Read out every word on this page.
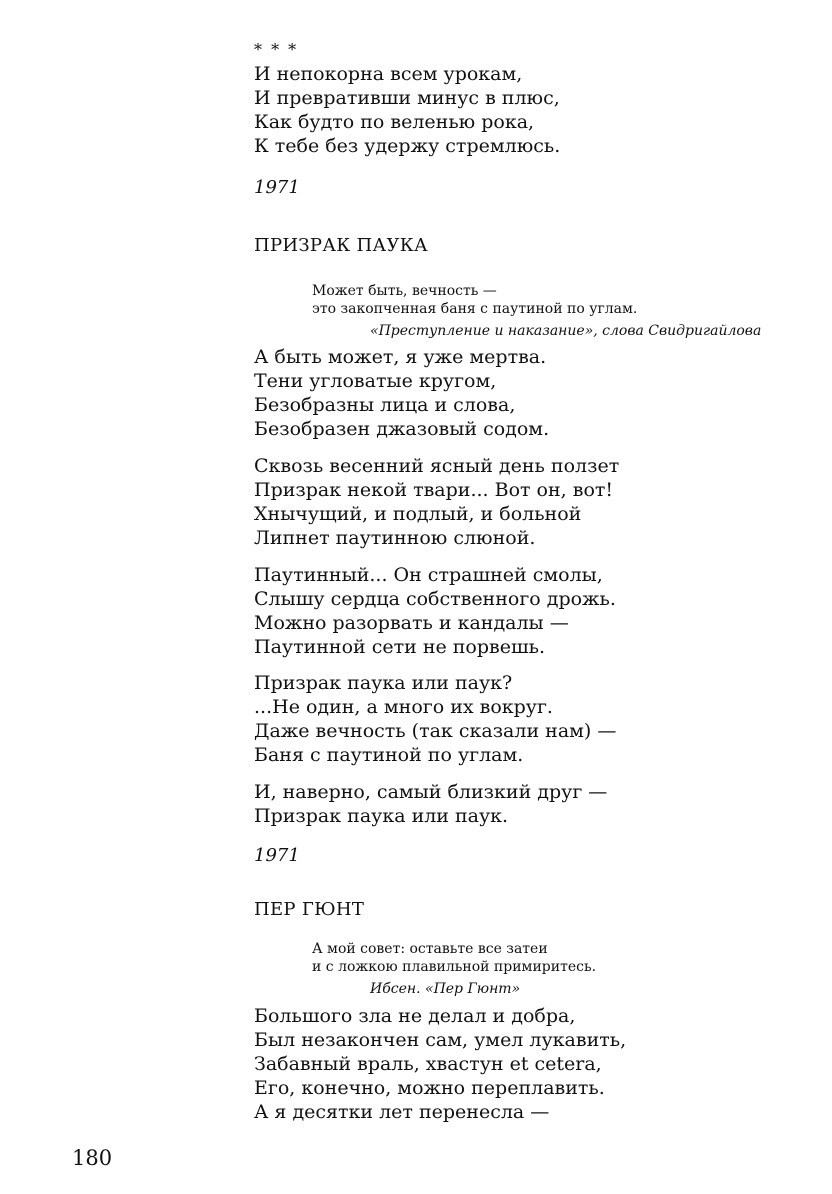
* * *
И непокорна всем урокам,
И превративши минус в плюс,
Как будто по веленью рока,
К тебе без удержу стремлюсь.
1971
ПРИЗРАК ПАУКА
Может быть, вечность —
это закопченная баня с паутиной по углам.
«Преступление и наказание», слова Свидригайлова
А быть может, я уже мертва.
Тени угловатые кругом,
Безобразны лица и слова,
Безобразен джазовый содом.
Сквозь весенний ясный день ползет
Призрак некой твари... Вот он, вот!
Хнычущий, и подлый, и больной
Липнет паутинною слюной.
Паутинный... Он страшней смолы,
Слышу сердца собственного дрожь.
Можно разорвать и кандалы —
Паутинной сети не порвешь.
Призрак паука или паук?
...Не один, а много их вокруг.
Даже вечность (так сказали нам) —
Баня с паутиной по углам.
И, наверно, самый близкий друг —
Призрак паука или паук.
1971
ПЕР ГЮНТ
А мой совет: оставьте все затеи
и с ложкою плавильной примиритесь.
Ибсен. «Пер Гюнт»
Большого зла не делал и добра,
Был незакончен сам, умел лукавить,
Забавный враль, хвастун et cetera,
Его, конечно, можно переплавить.
А я десятки лет перенесла —
180
